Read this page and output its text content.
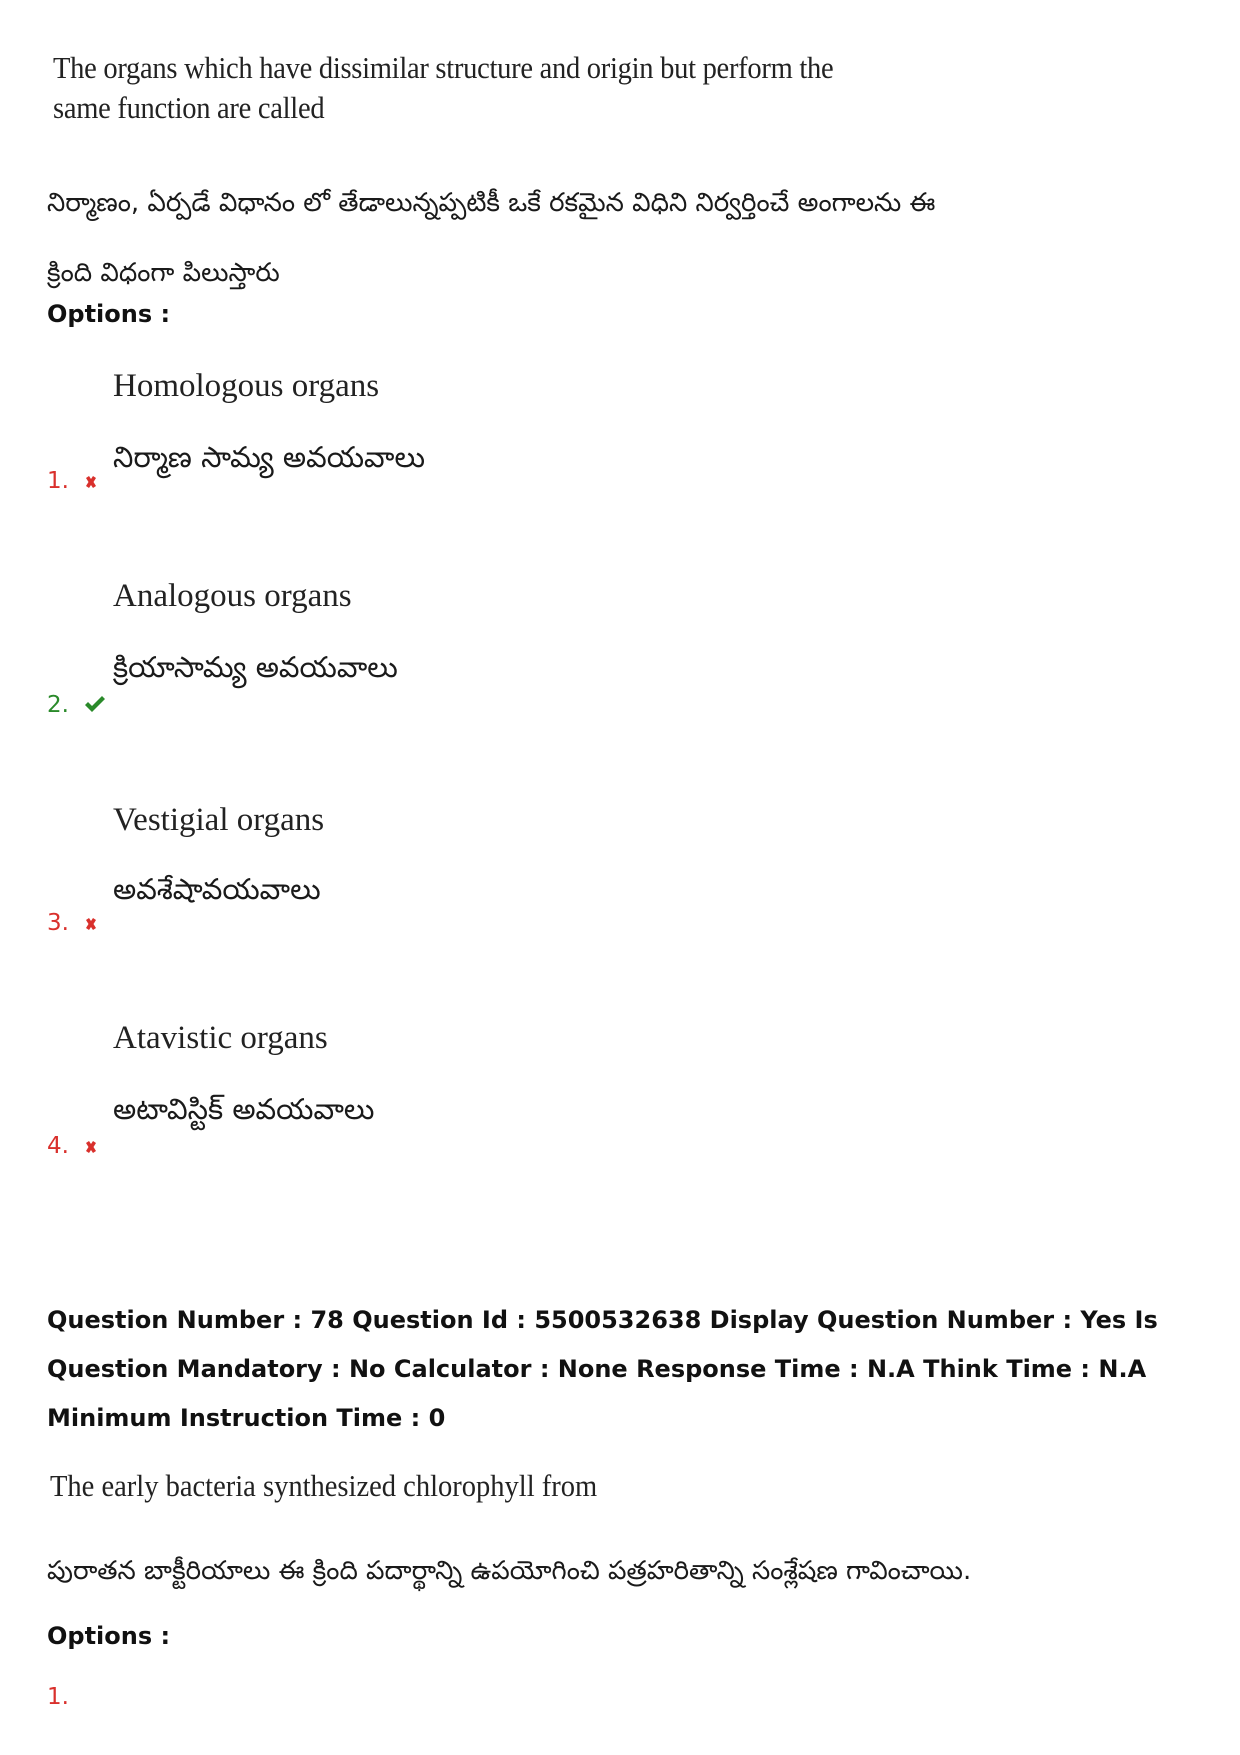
The organs which have dissimilar structure and origin but perform the same function are called
నిర్మాణం, ఏర్పడే విధానం లో తేడాలున్నప్పటికీ ఒకే రకమైన విధిని నిర్వర్తించే అంగాలను ఈ క్రింది విధంగా పిలుస్తారు
Options :
Homologous organs
నిర్మాణ సామ్య అవయవాలు
1.
Analogous organs
క్రియాసామ్య అవయవాలు
2.
Vestigial organs
అవశేషావయవాలు
3.
Atavistic organs
అటావిస్టిక్ అవయవాలు
4.
Question Number : 78 Question Id : 5500532638 Display Question Number : Yes Is Question Mandatory : No Calculator : None Response Time : N.A Think Time : N.A Minimum Instruction Time : 0
The early bacteria synthesized chlorophyll from
పురాతన బాక్టీరియాలు ఈ క్రింది పదార్థాన్ని ఉపయోగించి పత్రహరితాన్ని సంశ్లేషణ గావించాయి.
Options :
1.
